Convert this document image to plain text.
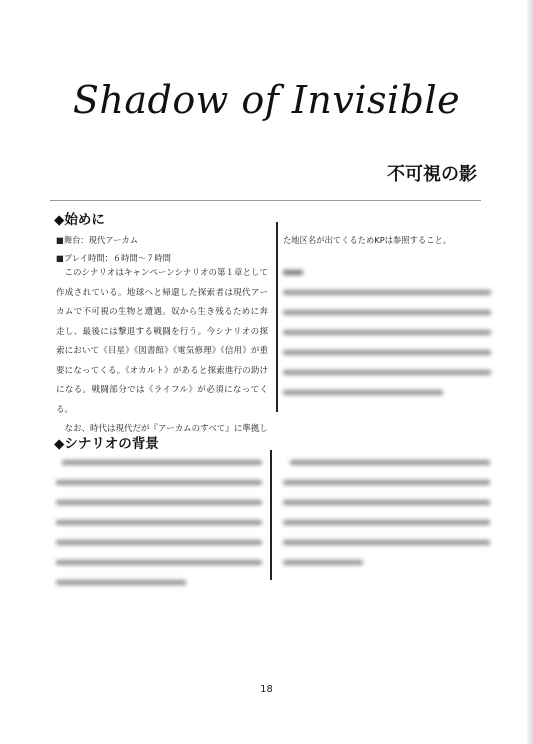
Shadow of Invisible
不可視の影
◆始めに
■舞台：現代アーカム
■プレイ時間：６時間～７時間

このシナリオはキャンペーンシナリオの第１章として作成されている。地球へと帰還した探索者は現代アーカムで不可視の生物と遭遇。奴から生き残るために奔走し、最後には撃退する戦闘を行う。今シナリオの探索において《目星》《図書館》《電気修理》《信用》が重要になってくる。《オカルト》があると探索進行の助けになる。戦闘部分では《ライフル》が必須になってくる。

なお、時代は現代だが『アーカムのすべて』に準拠し

た地区名が出てくるためKPは参照すること。
◆シナリオの背景
18
